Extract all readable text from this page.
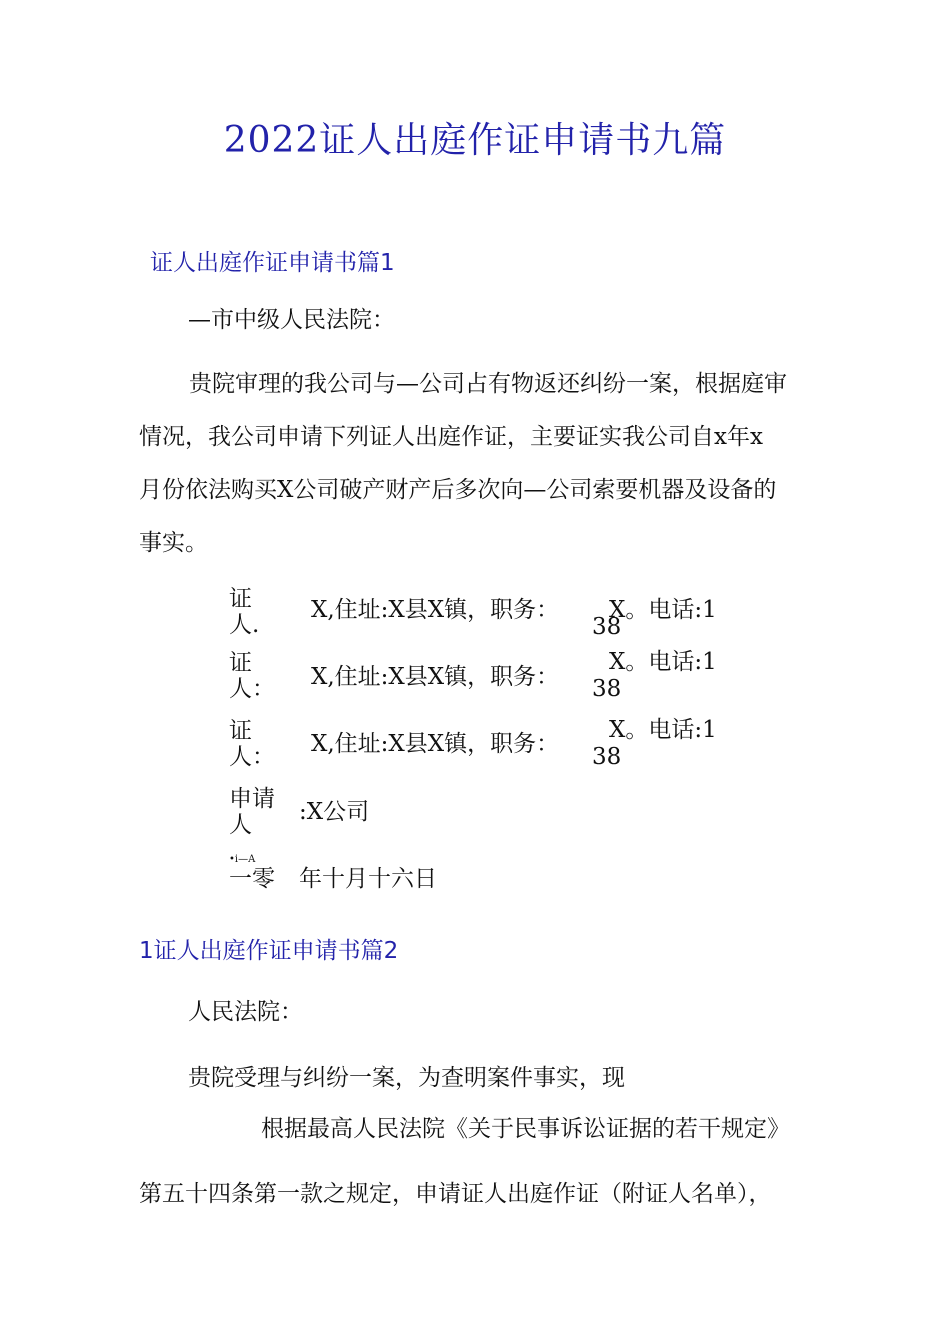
2022证人出庭作证申请书九篇
证人出庭作证申请书篇1
—市中级人民法院：
贵院审理的我公司与—公司占有物返还纠纷一案，根据庭审
情况，我公司申请下列证人出庭作证，主要证实我公司自x年x
月份依法购买X公司破产财产后多次向—公司索要机器及设备的
事实。
证
人.
X,住址:X县X镇，职务： X。电话:1
38
证
人： X,住址:X县X镇，职务：
X。电话:1
38
证
人： X,住址:X县X镇，职务：
X。电话:1
38
申请
人	:X公司
•i—A
一零 年十月十六日
1证人出庭作证申请书篇2
人民法院：
贵院受理与纠纷一案，为查明案件事实，现
根据最高人民法院《关于民事诉讼证据的若干规定》
第五十四条第一款之规定，申请证人出庭作证（附证人名单），
